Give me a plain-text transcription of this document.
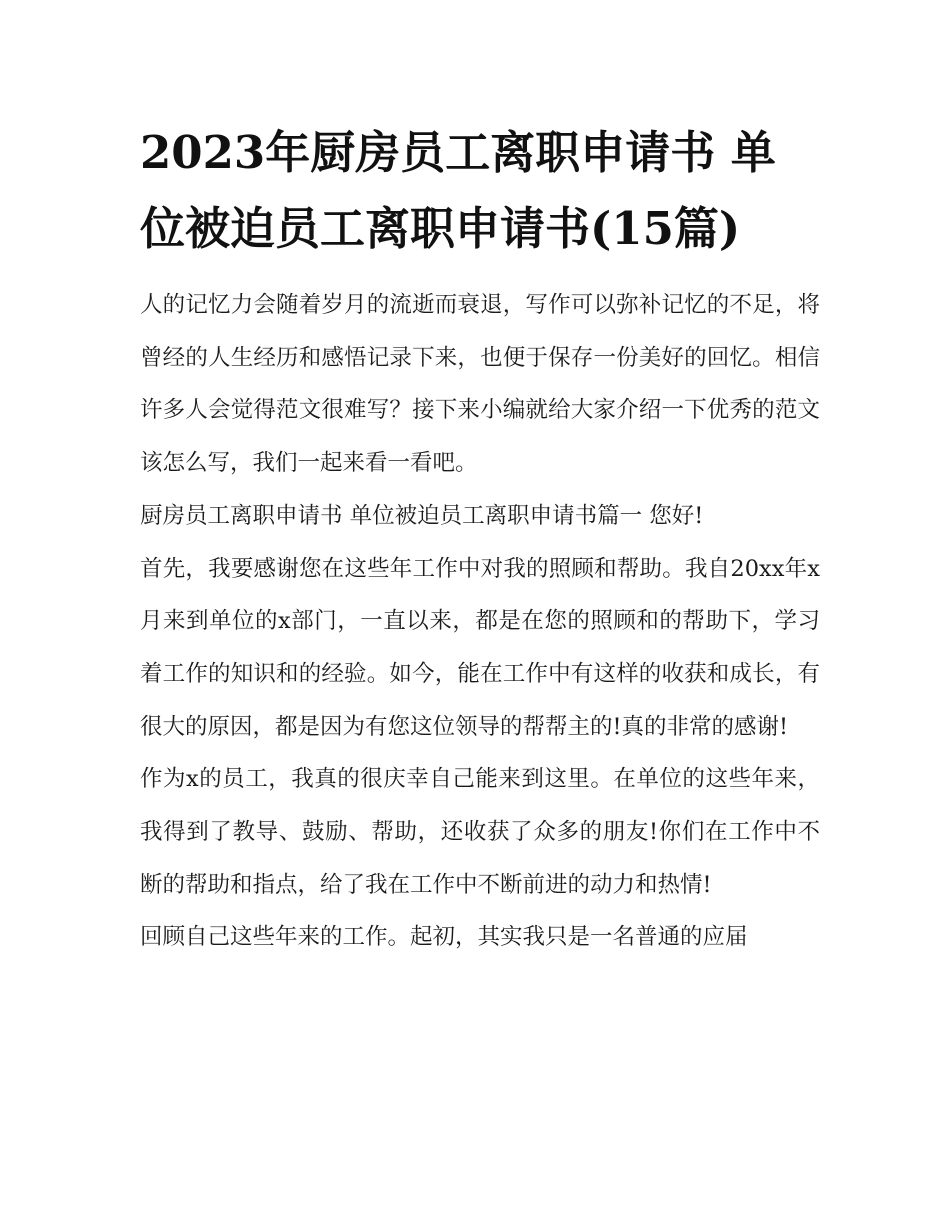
2023年厨房员工离职申请书 单位被迫员工离职申请书(15篇)

人的记忆力会随着岁月的流逝而衰退，写作可以弥补记忆的不足，将曾经的人生经历和感悟记录下来，也便于保存一份美好的回忆。相信许多人会觉得范文很难写？接下来小编就给大家介绍一下优秀的范文该怎么写，我们一起来看一看吧。

厨房员工离职申请书 单位被迫员工离职申请书篇一 您好!

首先，我要感谢您在这些年工作中对我的照顾和帮助。我自20xx年x月来到单位的x部门，一直以来，都是在您的照顾和的帮助下，学习着工作的知识和的经验。如今，能在工作中有这样的收获和成长，有很大的原因，都是因为有您这位领导的帮帮主的!真的非常的感谢!

作为x的员工，我真的很庆幸自己能来到这里。在单位的这些年来，我得到了教导、鼓励、帮助，还收获了众多的朋友!你们在工作中不断的帮助和指点，给了我在工作中不断前进的动力和热情!

回顾自己这些年来的工作。起初，其实我只是一名普通的应届
